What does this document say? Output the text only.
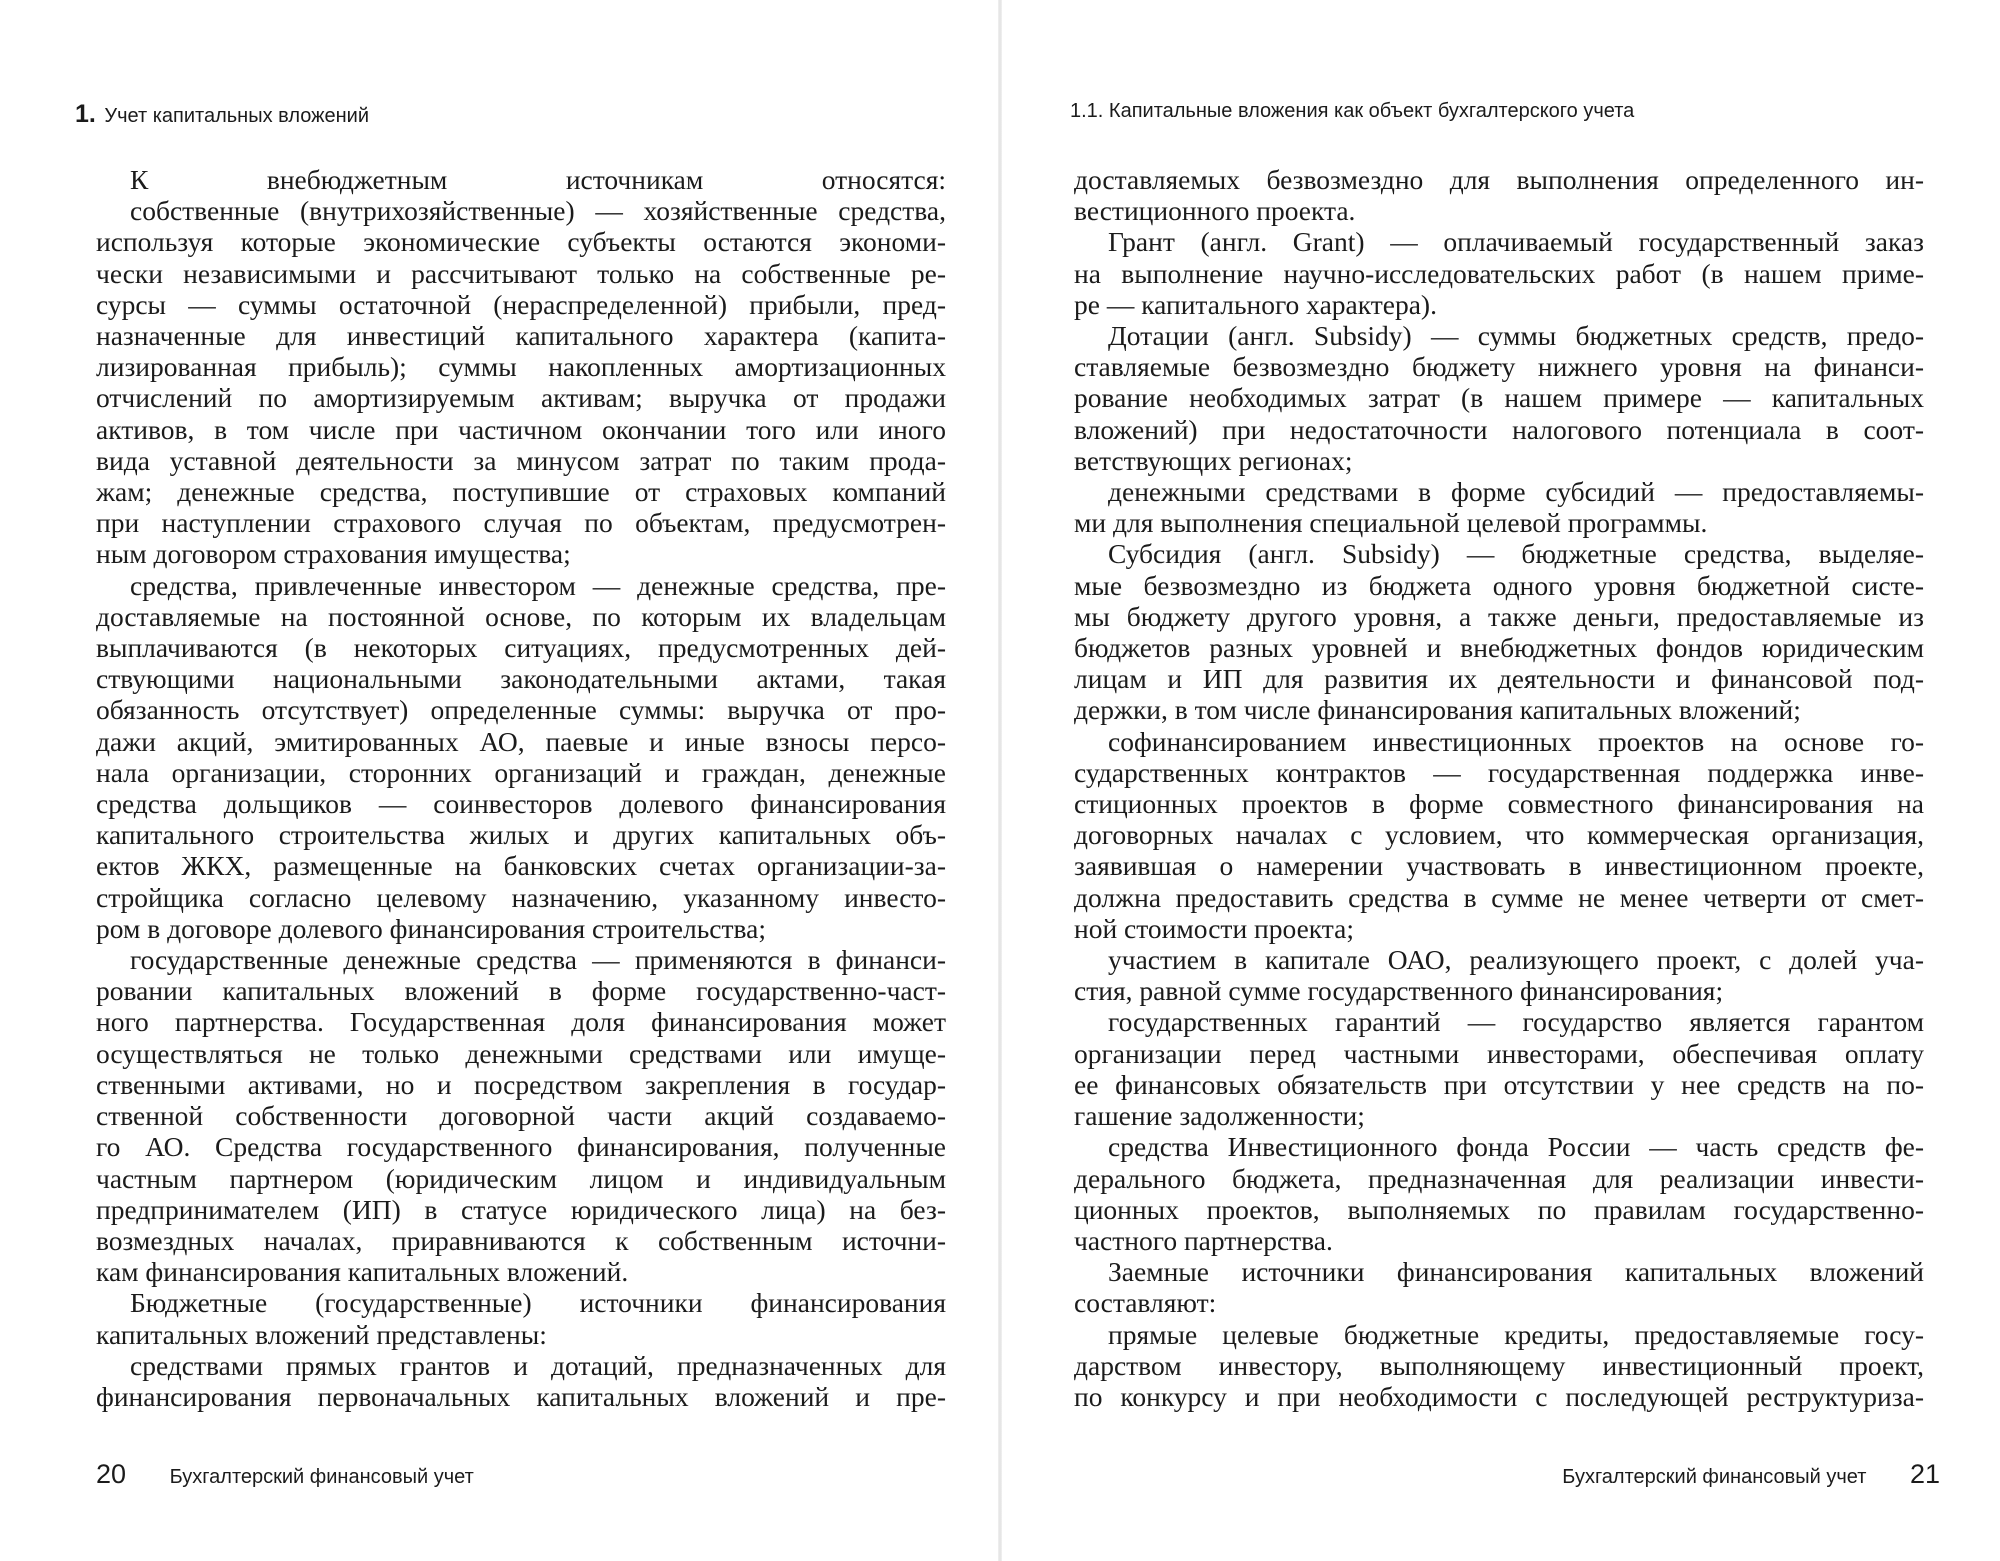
1. Учет капитальных вложений

К внебюджетным источникам относятся:

собственные (внутрихозяйственные) — хозяйственные средства,

используя которые экономические субъекты остаются экономи-

чески независимыми и рассчитывают только на собственные ре-

сурсы — суммы остаточной (нераспределенной) прибыли, пред-

назначенные для инвестиций капитального характера (капита-

лизированная прибыль); суммы накопленных амортизационных

отчислений по амортизируемым активам; выручка от продажи

активов, в том числе при частичном окончании того или иного

вида уставной деятельности за минусом затрат по таким прода-

жам; денежные средства, поступившие от страховых компаний

при наступлении страхового случая по объектам, предусмотрен-

ным договором страхования имущества;

средства, привлеченные инвестором — денежные средства, пре-

доставляемые на постоянной основе, по которым их владельцам

выплачиваются (в некоторых ситуациях, предусмотренных дей-

ствующими национальными законодательными актами, такая

обязанность отсутствует) определенные суммы: выручка от про-

дажи акций, эмитированных АО, паевые и иные взносы персо-

нала организации, сторонних организаций и граждан, денежные

средства дольщиков — соинвесторов долевого финансирования

капитального строительства жилых и других капитальных объ-

ектов ЖКХ, размещенные на банковских счетах организации-за-

стройщика согласно целевому назначению, указанному инвесто-

ром в договоре долевого финансирования строительства;

государственные денежные средства — применяются в финанси-

ровании капитальных вложений в форме государственно-част-

ного партнерства. Государственная доля финансирования может

осуществляться не только денежными средствами или имуще-

ственными активами, но и посредством закрепления в госудаp-

ственной собственности договорной части акций создаваемо-

го АО. Средства государственного финансирования, полученные

частным партнером (юридическим лицом и индивидуальным

предпринимателем (ИП) в статусе юридического лица) на без-

возмездных началах, приравниваются к собственным источни-

кам финансирования капитальных вложений.

Бюджетные (государственные) источники финансирования

капитальных вложений представлены:

средствами прямых грантов и дотаций, предназначенных для

финансирования первоначальных капитальных вложений и пре-

20 Бухгалтерский финансовый учет
1.1. Капитальные вложения как объект бухгалтерского учета

доставляемых безвозмездно для выполнения определенного ин-

вестиционного проекта.

Грант (англ. Grant) — оплачиваемый государственный заказ

на выполнение научно-исследовательских работ (в нашем приме-

ре — капитального характера).

Дотации (англ. Subsidy) — суммы бюджетных средств, предо-

ставляемые безвозмездно бюджету нижнего уровня на финанси-

рование необходимых затрат (в нашем примере — капитальных

вложений) при недостаточности налогового потенциала в соот-

ветствующих регионах;

денежными средствами в форме субсидий — предоставляемы-

ми для выполнения специальной целевой программы.

Субсидия (англ. Subsidy) — бюджетные средства, выделяе-

мые безвозмездно из бюджета одного уровня бюджетной систе-

мы бюджету другого уровня, а также деньги, предоставляемые из

бюджетов разных уровней и внебюджетных фондов юридическим

лицам и ИП для развития их деятельности и финансовой под-

держки, в том числе финансирования капитальных вложений;

софинансированием инвестиционных проектов на основе го-

сударственных контрактов — государственная поддержка инве-

стиционных проектов в форме совместного финансирования на

договорных началах с условием, что коммерческая организация,

заявившая о намерении участвовать в инвестиционном проекте,

должна предоставить средства в сумме не менее четверти от смет-

ной стоимости проекта;

участием в капитале ОАО, реализующего проект, с долей уча-

стия, равной сумме государственного финансирования;

государственных гарантий — государство является гарантом

организации перед частными инвесторами, обеспечивая оплату

ее финансовых обязательств при отсутствии у нее средств на по-

гашение задолженности;

средства Инвестиционного фонда России — часть средств фе-

дерального бюджета, предназначенная для реализации инвести-

ционных проектов, выполняемых по правилам государственно-

частного партнерства.

Заемные источники финансирования капитальных вложений

составляют:

прямые целевые бюджетные кредиты, предоставляемые госу-

дарством инвестору, выполняющему инвестиционный проект,

по конкурсу и при необходимости с последующей реструктуриза-

Бухгалтерский финансовый учет 21
